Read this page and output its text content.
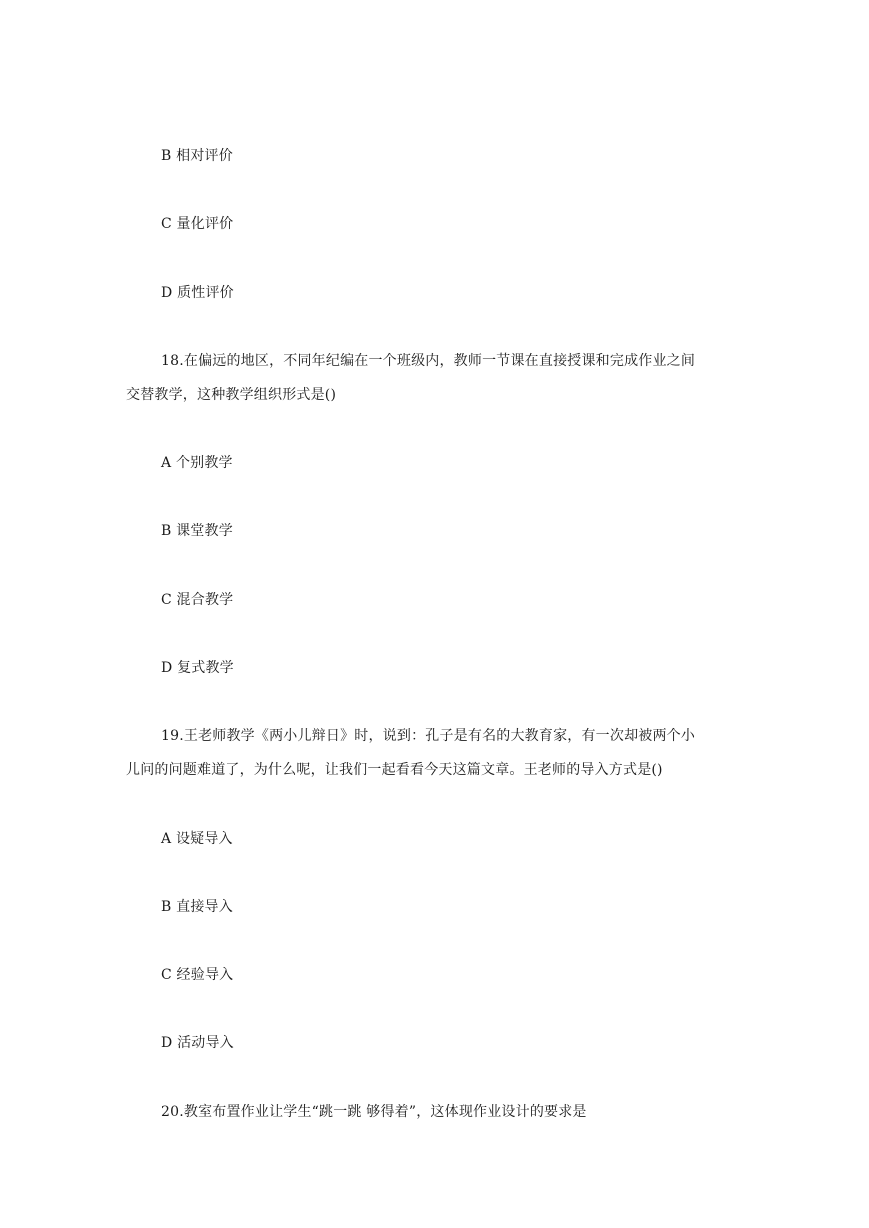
B 相对评价
C 量化评价
D 质性评价
18.在偏远的地区，不同年纪编在一个班级内，教师一节课在直接授课和完成作业之间
交替教学，这种教学组织形式是()
A 个别教学
B 课堂教学
C 混合教学
D 复式教学
19.王老师教学《两小儿辩日》时，说到：孔子是有名的大教育家，有一次却被两个小
儿问的问题难道了，为什么呢，让我们一起看看今天这篇文章。王老师的导入方式是()
A 设疑导入
B 直接导入
C 经验导入
D 活动导入
20.教室布置作业让学生“跳一跳 够得着”，这体现作业设计的要求是
